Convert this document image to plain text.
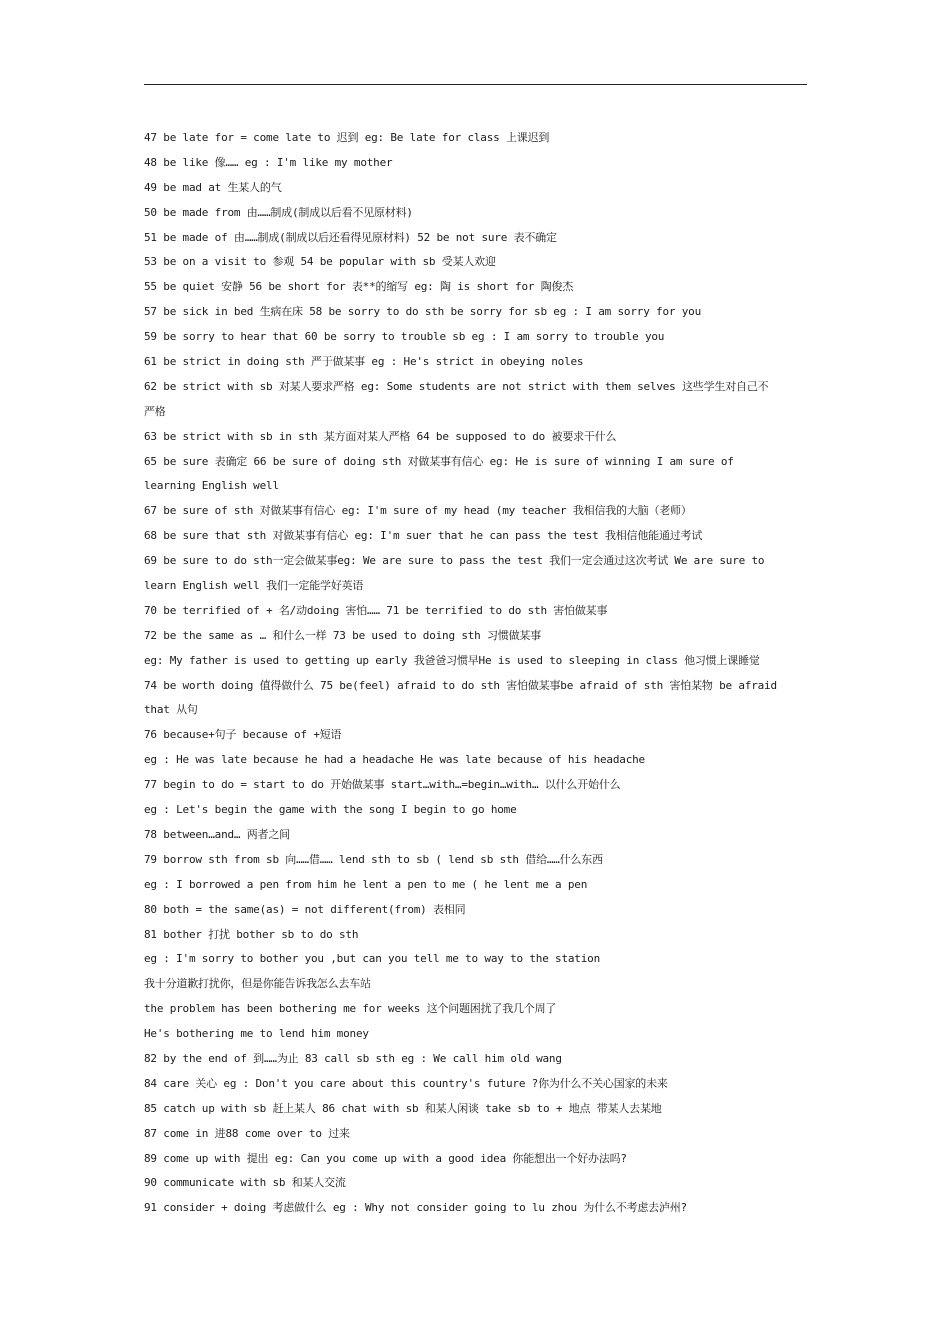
47 be late for = come late to 迟到 eg: Be late for class 上课迟到
48 be like 像…… eg : I'm like my mother
49 be mad at 生某人的气
50 be made from 由……制成(制成以后看不见原材料)
51 be made of 由……制成(制成以后还看得见原材料) 52 be not sure 表不确定
53 be on a visit to 参观 54 be popular with sb 受某人欢迎
55 be quiet 安静 56 be short for 表**的缩写 eg: 陶 is short for 陶俊杰
57 be sick in bed 生病在床 58 be sorry to do sth be sorry for sb eg : I am sorry for you
59 be sorry to hear that 60 be sorry to trouble sb eg : I am sorry to trouble you
61 be strict in doing sth 严于做某事 eg : He's strict in obeying noles
62 be strict with sb 对某人要求严格 eg: Some students are not strict with them selves 这些学生对自己不
严格
63 be strict with sb in sth 某方面对某人严格 64 be supposed to do 被要求干什么
65 be sure 表确定 66 be sure of doing sth 对做某事有信心 eg: He is sure of winning I am sure of
learning English well
67 be sure of sth 对做某事有信心 eg: I'm sure of my head (my teacher 我相信我的大脑（老师）
68 be sure that sth 对做某事有信心 eg: I'm suer that he can pass the test 我相信他能通过考试
69 be sure to do sth一定会做某事eg: We are sure to pass the test 我们一定会通过这次考试 We are sure to
learn English well 我们一定能学好英语
70 be terrified of + 名/动doing 害怕…… 71 be terrified to do sth 害怕做某事
72 be the same as … 和什么一样 73 be used to doing sth 习惯做某事
eg: My father is used to getting up early 我爸爸习惯早He is used to sleeping in class 他习惯上课睡觉
74 be worth doing 值得做什么 75 be(feel) afraid to do sth 害怕做某事be afraid of sth 害怕某物 be afraid
that 从句
76 because+句子 because of +短语
eg : He was late because he had a headache He was late because of his headache
77 begin to do = start to do 开始做某事 start…with…=begin…with… 以什么开始什么
eg : Let's begin the game with the song I begin to go home
78 between…and… 两者之间
79 borrow sth from sb 向……借…… lend sth to sb ( lend sb sth 借给……什么东西
eg : I borrowed a pen from him he lent a pen to me ( he lent me a pen
80 both = the same(as) = not different(from) 表相同
81 bother 打扰 bother sb to do sth
eg : I'm sorry to bother you ,but can you tell me to way to the station
我十分道歉打扰你，但是你能告诉我怎么去车站
the problem has been bothering me for weeks 这个问题困扰了我几个周了
He's bothering me to lend him money
82 by the end of 到……为止 83 call sb sth eg : We call him old wang
84 care 关心 eg : Don't you care about this country's future ?你为什么不关心国家的未来
85 catch up with sb 赶上某人 86 chat with sb 和某人闲谈 take sb to + 地点 带某人去某地
87 come in 进88 come over to 过来
89 come up with 提出 eg: Can you come up with a good idea 你能想出一个好办法吗?
90 communicate with sb 和某人交流
91 consider + doing 考虑做什么 eg : Why not consider going to lu zhou 为什么不考虑去泸州?
